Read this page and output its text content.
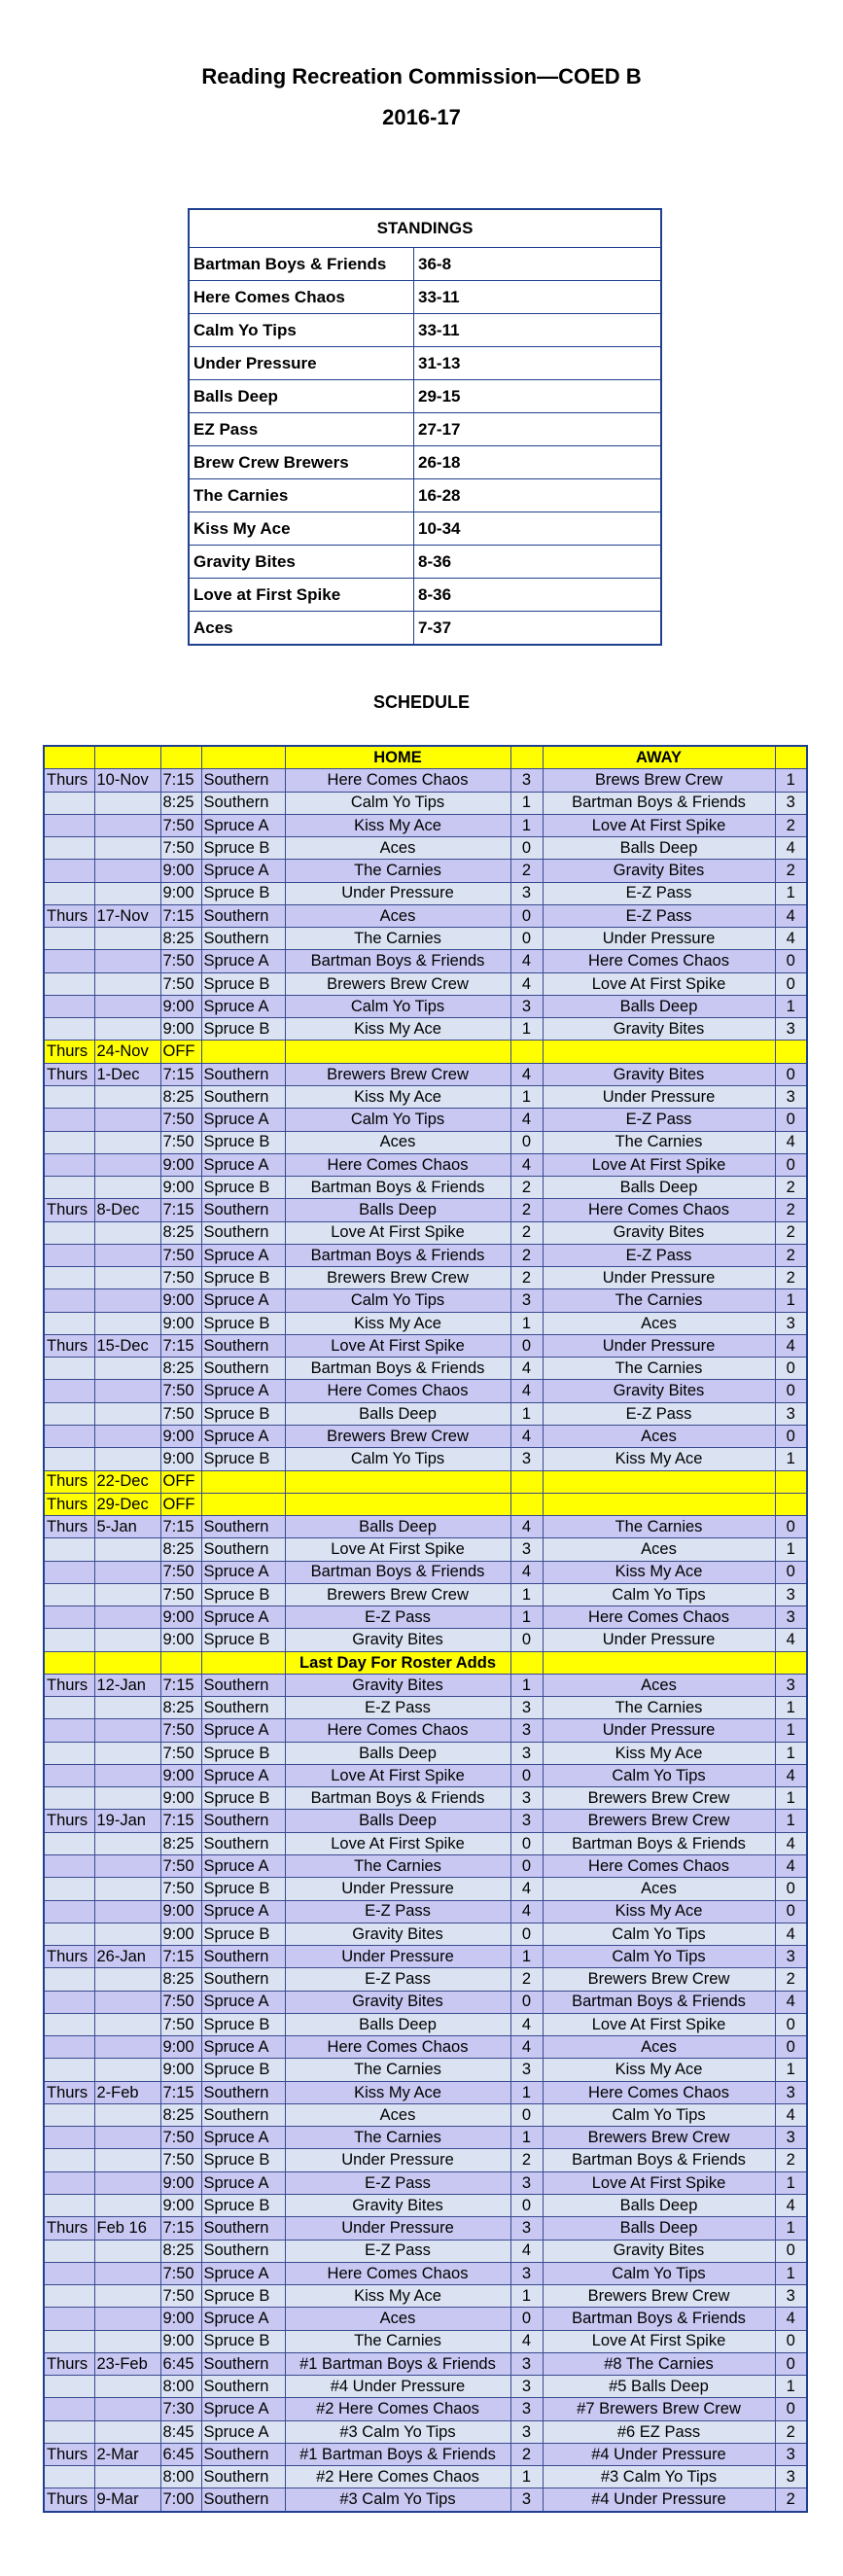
Reading Recreation Commission—COED B
2016-17
STANDINGS	
Bartman Boys & Friends	36-8
Here Comes Chaos	33-11
Calm Yo Tips	33-11
Under Pressure	31-13
Balls Deep	29-15
EZ Pass	27-17
Brew Crew Brewers	26-18
The Carnies	16-28
Kiss My Ace	10-34
Gravity Bites	8-36
Love at First Spike	8-36
Aces	7-37
SCHEDULE
				HOME		AWAY	
Thurs	10-Nov	7:15	Southern	Here Comes Chaos	3	Brews Brew Crew	1
		8:25	Southern	Calm Yo Tips	1	Bartman Boys & Friends	3
		7:50	Spruce A	Kiss My Ace	1	Love At First Spike	2
		7:50	Spruce B	Aces	0	Balls Deep	4
		9:00	Spruce A	The Carnies	2	Gravity Bites	2
		9:00	Spruce B	Under Pressure	3	E-Z Pass	1
Thurs	17-Nov	7:15	Southern	Aces	0	E-Z Pass	4
		8:25	Southern	The Carnies	0	Under Pressure	4
		7:50	Spruce A	Bartman Boys & Friends	4	Here Comes Chaos	0
		7:50	Spruce B	Brewers Brew Crew	4	Love At First Spike	0
		9:00	Spruce A	Calm Yo Tips	3	Balls Deep	1
		9:00	Spruce B	Kiss My Ace	1	Gravity Bites	3
Thurs	24-Nov	OFF					
Thurs	1-Dec	7:15	Southern	Brewers Brew Crew	4	Gravity Bites	0
		8:25	Southern	Kiss My Ace	1	Under Pressure	3
		7:50	Spruce A	Calm Yo Tips	4	E-Z Pass	0
		7:50	Spruce B	Aces	0	The Carnies	4
		9:00	Spruce A	Here Comes Chaos	4	Love At First Spike	0
		9:00	Spruce B	Bartman Boys & Friends	2	Balls Deep	2
Thurs	8-Dec	7:15	Southern	Balls Deep	2	Here Comes Chaos	2
		8:25	Southern	Love At First Spike	2	Gravity Bites	2
		7:50	Spruce A	Bartman Boys & Friends	2	E-Z Pass	2
		7:50	Spruce B	Brewers Brew Crew	2	Under Pressure	2
		9:00	Spruce A	Calm Yo Tips	3	The Carnies	1
		9:00	Spruce B	Kiss My Ace	1	Aces	3
Thurs	15-Dec	7:15	Southern	Love At First Spike	0	Under Pressure	4
		8:25	Southern	Bartman Boys & Friends	4	The Carnies	0
		7:50	Spruce A	Here Comes Chaos	4	Gravity Bites	0
		7:50	Spruce B	Balls Deep	1	E-Z Pass	3
		9:00	Spruce A	Brewers Brew Crew	4	Aces	0
		9:00	Spruce B	Calm Yo Tips	3	Kiss My Ace	1
Thurs	22-Dec	OFF					
Thurs	29-Dec	OFF					
Thurs	5-Jan	7:15	Southern	Balls Deep	4	The Carnies	0
		8:25	Southern	Love At First Spike	3	Aces	1
		7:50	Spruce A	Bartman Boys & Friends	4	Kiss My Ace	0
		7:50	Spruce B	Brewers Brew Crew	1	Calm Yo Tips	3
		9:00	Spruce A	E-Z Pass	1	Here Comes Chaos	3
		9:00	Spruce B	Gravity Bites	0	Under Pressure	4
				Last Day For Roster Adds			
Thurs	12-Jan	7:15	Southern	Gravity Bites	1	Aces	3
		8:25	Southern	E-Z Pass	3	The Carnies	1
		7:50	Spruce A	Here Comes Chaos	3	Under Pressure	1
		7:50	Spruce B	Balls Deep	3	Kiss My Ace	1
		9:00	Spruce A	Love At First Spike	0	Calm Yo Tips	4
		9:00	Spruce B	Bartman Boys & Friends	3	Brewers Brew Crew	1
Thurs	19-Jan	7:15	Southern	Balls Deep	3	Brewers Brew Crew	1
		8:25	Southern	Love At First Spike	0	Bartman Boys & Friends	4
		7:50	Spruce A	The Carnies	0	Here Comes Chaos	4
		7:50	Spruce B	Under Pressure	4	Aces	0
		9:00	Spruce A	E-Z Pass	4	Kiss My Ace	0
		9:00	Spruce B	Gravity Bites	0	Calm Yo Tips	4
Thurs	26-Jan	7:15	Southern	Under Pressure	1	Calm Yo Tips	3
		8:25	Southern	E-Z Pass	2	Brewers Brew Crew	2
		7:50	Spruce A	Gravity Bites	0	Bartman Boys & Friends	4
		7:50	Spruce B	Balls Deep	4	Love At First Spike	0
		9:00	Spruce A	Here Comes Chaos	4	Aces	0
		9:00	Spruce B	The Carnies	3	Kiss My Ace	1
Thurs	2-Feb	7:15	Southern	Kiss My Ace	1	Here Comes Chaos	3
		8:25	Southern	Aces	0	Calm Yo Tips	4
		7:50	Spruce A	The Carnies	1	Brewers Brew Crew	3
		7:50	Spruce B	Under Pressure	2	Bartman Boys & Friends	2
		9:00	Spruce A	E-Z Pass	3	Love At First Spike	1
		9:00	Spruce B	Gravity Bites	0	Balls Deep	4
Thurs	Feb 16	7:15	Southern	Under Pressure	3	Balls Deep	1
		8:25	Southern	E-Z Pass	4	Gravity Bites	0
		7:50	Spruce A	Here Comes Chaos	3	Calm Yo Tips	1
		7:50	Spruce B	Kiss My Ace	1	Brewers Brew Crew	3
		9:00	Spruce A	Aces	0	Bartman Boys & Friends	4
		9:00	Spruce B	The Carnies	4	Love At First Spike	0
Thurs	23-Feb	6:45	Southern	#1 Bartman Boys & Friends	3	#8 The Carnies	0
		8:00	Southern	#4 Under Pressure	3	#5 Balls Deep	1
		7:30	Spruce A	#2 Here Comes Chaos	3	#7 Brewers Brew Crew	0
		8:45	Spruce A	#3 Calm Yo Tips	3	#6 EZ Pass	2
Thurs	2-Mar	6:45	Southern	#1 Bartman Boys & Friends	2	#4 Under Pressure	3
		8:00	Southern	#2 Here Comes Chaos	1	#3 Calm Yo Tips	3
Thurs	9-Mar	7:00	Southern	#3 Calm Yo Tips	3	#4 Under Pressure	2
